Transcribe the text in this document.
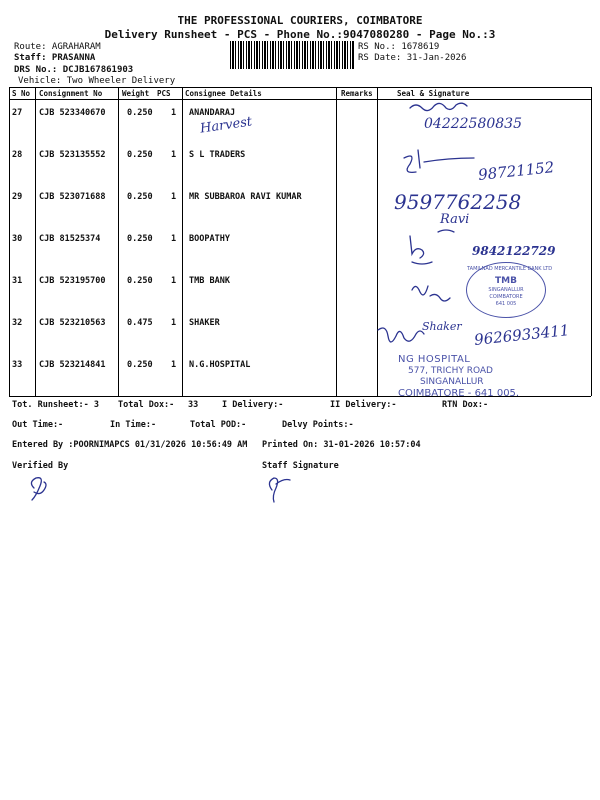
THE PROFESSIONAL COURIERS, COIMBATORE
Delivery Runsheet - PCS - Phone No.:9047080280 - Page No.:3
Route: AGRAHARAM
Staff: PRASANNA
DRS No.: DCJB167861903
Vehicle: Two Wheeler Delivery
RS No.: 1678619
RS Date: 31-Jan-2026
S No Consignment No	Weight PCS Consignee Details	Remarks	Seal & Signature
27 CJB 523340670	0.250 1 ANANDARAJ
28 CJB 523135552	0.250 1 S L TRADERS
29 CJB 523071688	0.250 1 MR SUBBAROA RAVI KUMAR
30 CJB 81525374	0.250 1 BOOPATHY
31 CJB 523195700	0.250 1 TMB BANK
32 CJB 523210563	0.475 1 SHAKER
33 CJB 523214841	0.250 1 N.G.HOSPITAL
TAMILNAD MERCANTILE BANK LTD
TMB
SINGANALLUR
COIMBATORE
641 005
NG HOSPITAL
577, TRICHY ROAD
SINGANALLUR
COIMBATORE - 641 005.
Harvest	04222580835
98721152
9597762258
Ravi
9842122729
Shaker 9626933411
Tot. Runsheet:- 3 Total Dox:- 33	I Delivery:-	II Delivery:-	RTN Dox:-
Out Time:-	In Time:-	Total POD:-	Delvy Points:-
Entered By :POORNIMAPCS 01/31/2026 10:56:49 AM Printed On: 31-01-2026 10:57:04
Verified By	Staff Signature
